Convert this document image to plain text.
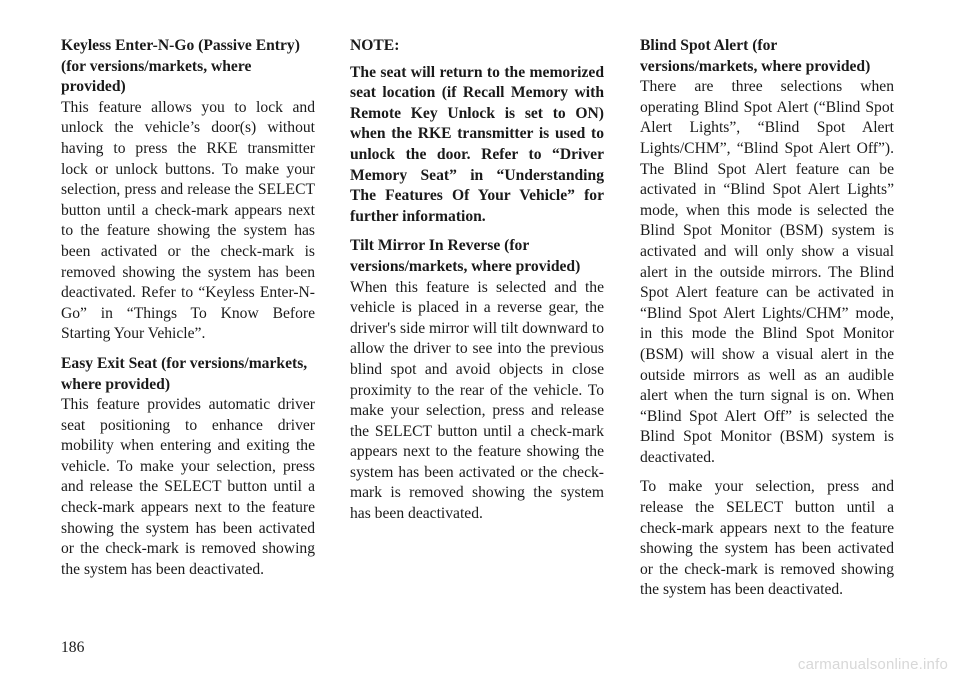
Keyless Enter-N-Go (Passive Entry) (for versions/markets, where provided)

This feature allows you to lock and unlock the vehicle’s door(s) without having to press the RKE transmitter lock or unlock buttons. To make your selection, press and release the SELECT button until a check-mark appears next to the feature showing the system has been activated or the check-mark is removed showing the system has been deactivated. Refer to “Keyless Enter-N-Go” in “Things To Know Before Starting Your Vehicle”.

Easy Exit Seat (for versions/markets, where provided)

This feature provides automatic driver seat positioning to enhance driver mobility when entering and exiting the vehicle. To make your selection, press and release the SELECT button until a check-mark appears next to the feature showing the system has been activated or the check-mark is removed showing the system has been deactivated.

NOTE:

The seat will return to the memorized seat location (if Recall Memory with Remote Key Unlock is set to ON) when the RKE transmitter is used to unlock the door. Refer to “Driver Memory Seat” in “Understanding The Features Of Your Vehicle” for further information.

Tilt Mirror In Reverse (for versions/markets, where provided)

When this feature is selected and the vehicle is placed in a reverse gear, the driver's side mirror will tilt downward to allow the driver to see into the previous blind spot and avoid objects in close proximity to the rear of the vehicle. To make your selection, press and release the SELECT button until a check-mark appears next to the feature showing the system has been activated or the check-mark is removed showing the system has been deactivated.

Blind Spot Alert (for versions/markets, where provided)

There are three selections when operating Blind Spot Alert (“Blind Spot Alert Lights”, “Blind Spot Alert Lights/CHM”, “Blind Spot Alert Off”). The Blind Spot Alert feature can be activated in “Blind Spot Alert Lights” mode, when this mode is selected the Blind Spot Monitor (BSM) system is activated and will only show a visual alert in the outside mirrors. The Blind Spot Alert feature can be activated in “Blind Spot Alert Lights/CHM” mode, in this mode the Blind Spot Monitor (BSM) will show a visual alert in the outside mirrors as well as an audible alert when the turn signal is on. When “Blind Spot Alert Off” is selected the Blind Spot Monitor (BSM) system is deactivated.

To make your selection, press and release the SELECT button until a check-mark appears next to the feature showing the system has been activated or the check-mark is removed showing the system has been deactivated.

186
carmanualsonline.info
